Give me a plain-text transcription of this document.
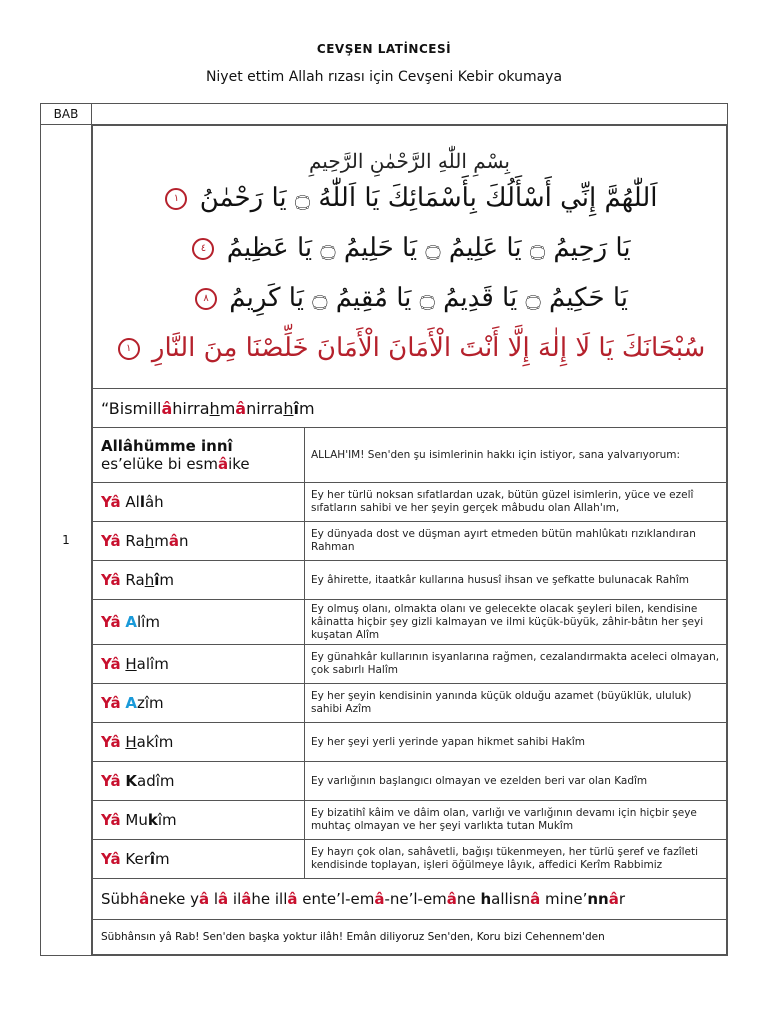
CEVŞEN LATİNCESİ
Niyet ettim Allah rızası için Cevşeni Kebir okumaya
BAB	
1	
بِسْمِ اللّٰهِ الرَّحْمٰنِ الرَّحِيمِ
اَللّٰهُمَّ إِنِّي أَسْأَلُكَ بِأَسْمَائِكَ يَا اَللّٰهُ ۝ يَا رَحْمٰنُ ١
يَا رَحِيمُ ۝ يَا عَلِيمُ ۝ يَا حَلِيمُ ۝ يَا عَظِيمُ ٤
يَا حَكِيمُ ۝ يَا قَدِيمُ ۝ يَا مُقِيمُ ۝ يَا كَرِيمُ ٨
سُبْحَانَكَ يَا لَا إِلٰهَ إِلَّا أَنْتَ الْأَمَانَ الْأَمَانَ خَلِّصْنَا مِنَ النَّارِ ١

“Bismillâhirrahmânirrahîm

Allâhümme innî
es’elüke bi esmâike
	ALLAH'IM! Sen'den şu isimlerinin hakkı için istiyor, sana yalvarıyorum:
Yâ Allâh	Ey her türlü noksan sıfatlardan uzak, bütün güzel isimlerin, yüce ve ezelî sıfatların sahibi ve her şeyin gerçek mâbudu olan Allah'ım,
Yâ Rahmân	Ey dünyada dost ve düşman ayırt etmeden bütün mahlûkatı rızıklandıran Rahman
Yâ Rahîm	Ey âhirette, itaatkâr kullarına hususî ihsan ve şefkatte bulunacak Rahîm
Yâ Alîm	Ey olmuş olanı, olmakta olanı ve gelecekte olacak şeyleri bilen, kendisine kâinatta hiçbir şey gizli kalmayan ve ilmi küçük-büyük, zâhir-bâtın her şeyi kuşatan Alîm
Yâ Halîm	Ey günahkâr kullarının isyanlarına rağmen, cezalandırmakta aceleci olmayan, çok sabırlı Halîm
Yâ Azîm	Ey her şeyin kendisinin yanında küçük olduğu azamet (büyüklük, ululuk) sahibi Azîm
Yâ Hakîm	Ey her şeyi yerli yerinde yapan hikmet sahibi Hakîm
Yâ Kadîm	Ey varlığının başlangıcı olmayan ve ezelden beri var olan Kadîm
Yâ Mukîm	Ey bizatihî kâim ve dâim olan, varlığı ve varlığının devamı için hiçbir şeye muhtaç olmayan ve her şeyi varlıkta tutan Mukîm
Yâ Kerîm	Ey hayrı çok olan, sahâvetli, bağışı tükenmeyen, her türlü şeref ve fazîleti kendisinde toplayan, işleri öğülmeye lâyık, affedici Kerîm Rabbimiz
Sübhâneke yâ lâ ilâhe illâ ente’l-emâ-ne’l-emâne hallisnâ mine’nnâr
Sübhânsın yâ Rab! Sen'den başka yoktur ilâh! Emân diliyoruz Sen'den, Koru bizi Cehennem'den
